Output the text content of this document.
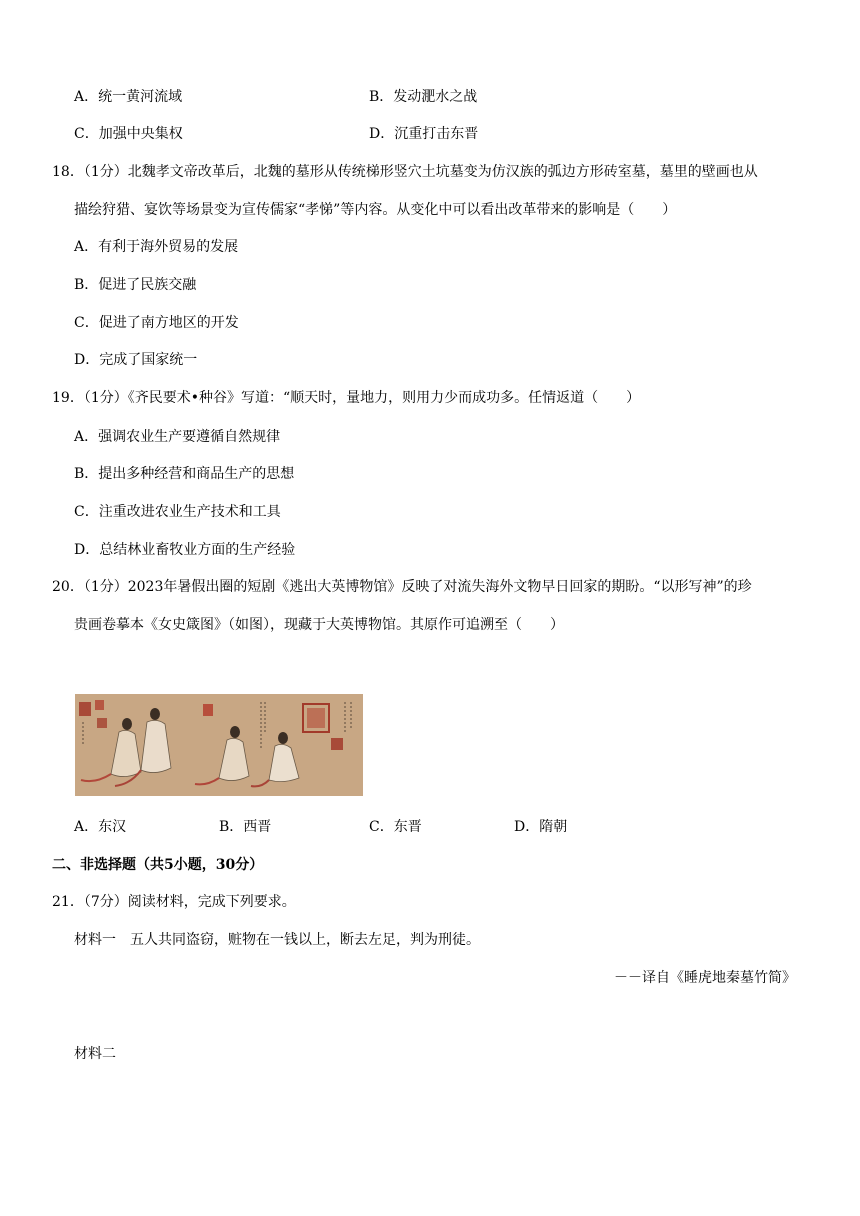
A．统一黄河流域	B．发动淝水之战
C．加强中央集权	D．沉重打击东晋
18．（1分）北魏孝文帝改革后，北魏的墓形从传统梯形竖穴土坑墓变为仿汉族的弧边方形砖室墓，墓里的壁画也从
描绘狩猎、宴饮等场景变为宣传儒家“孝悌”等内容。从变化中可以看出改革带来的影响是（　　）
A．有利于海外贸易的发展
B．促进了民族交融
C．促进了南方地区的开发
D．完成了国家统一
19．（1分）《齐民要术•种谷》写道：“顺天时，量地力，则用力少而成功多。任情返道（　　）
A．强调农业生产要遵循自然规律
B．提出多种经营和商品生产的思想
C．注重改进农业生产技术和工具
D．总结林业畜牧业方面的生产经验
20．（1分）2023年暑假出圈的短剧《逃出大英博物馆》反映了对流失海外文物早日回家的期盼。“以形写神”的珍
贵画卷摹本《女史箴图》（如图），现藏于大英博物馆。其原作可追溯至（　　）
A．东汉	B．西晋	C．东晋	D．隋朝
二、非选择题（共5小题，30分）
21．（7分）阅读材料，完成下列要求。
材料一　五人共同盗窃，赃物在一钱以上，断去左足，判为刑徒。
－－译自《睡虎地秦墓竹简》
材料二
